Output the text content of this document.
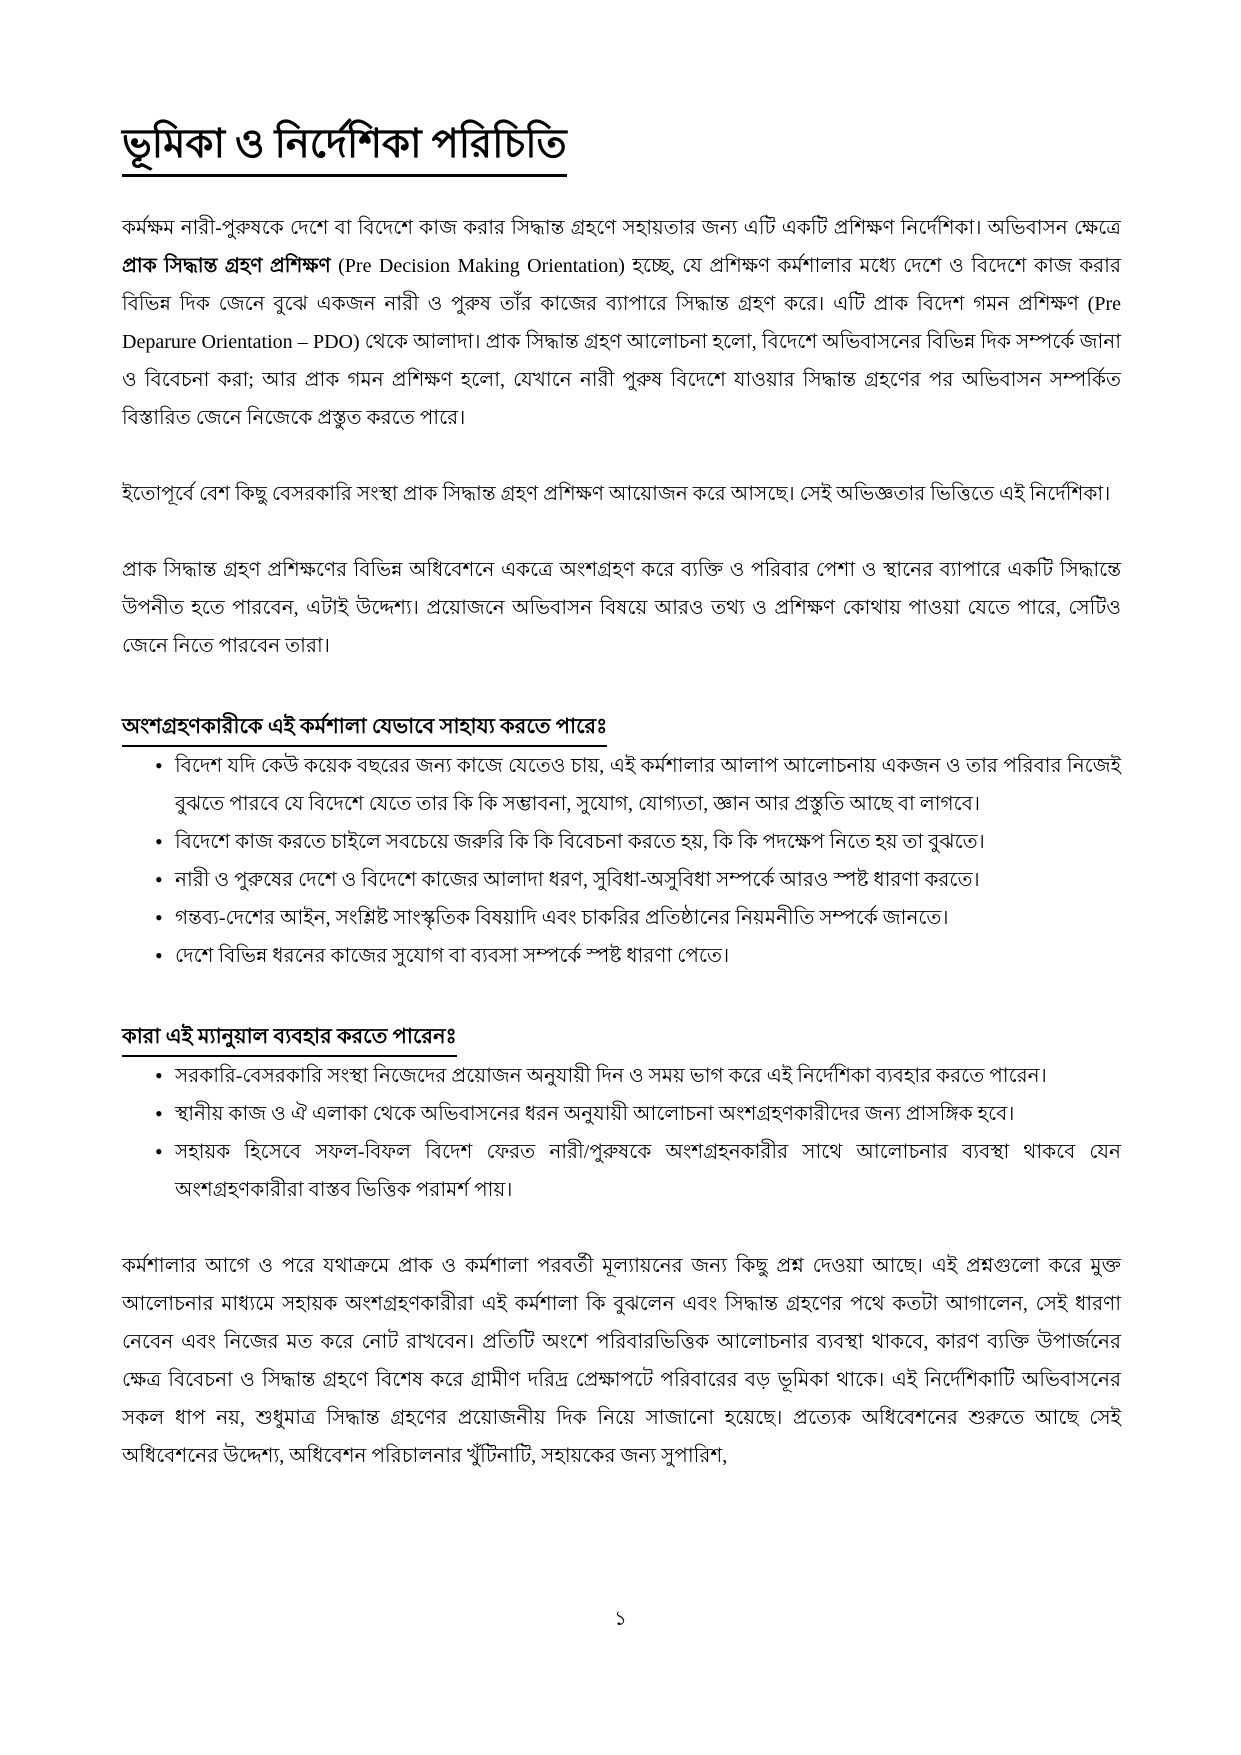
ভূমিকা ও নির্দেশিকা পরিচিতি

কর্মক্ষম নারী-পুরুষকে দেশে বা বিদেশে কাজ করার সিদ্ধান্ত গ্রহণে সহায়তার জন্য এটি একটি প্রশিক্ষণ নির্দেশিকা। অভিবাসন ক্ষেত্রে প্রাক সিদ্ধান্ত গ্রহণ প্রশিক্ষণ (Pre Decision Making Orientation) হচ্ছে, যে প্রশিক্ষণ কর্মশালার মধ্যে দেশে ও বিদেশে কাজ করার বিভিন্ন দিক জেনে বুঝে একজন নারী ও পুরুষ তাঁর কাজের ব্যাপারে সিদ্ধান্ত গ্রহণ করে। এটি প্রাক বিদেশ গমন প্রশিক্ষণ (Pre Deparure Orientation – PDO) থেকে আলাদা। প্রাক সিদ্ধান্ত গ্রহণ আলোচনা হলো, বিদেশে অভিবাসনের বিভিন্ন দিক সম্পর্কে জানা ও বিবেচনা করা; আর প্রাক গমন প্রশিক্ষণ হলো, যেখানে নারী পুরুষ বিদেশে যাওয়ার সিদ্ধান্ত গ্রহণের পর অভিবাসন সম্পর্কিত বিস্তারিত জেনে নিজেকে প্রস্তুত করতে পারে।

ইতোপূর্বে বেশ কিছু বেসরকারি সংস্থা প্রাক সিদ্ধান্ত গ্রহণ প্রশিক্ষণ আয়োজন করে আসছে। সেই অভিজ্ঞতার ভিত্তিতে এই নির্দেশিকা।

প্রাক সিদ্ধান্ত গ্রহণ প্রশিক্ষণের বিভিন্ন অধিবেশনে একত্রে অংশগ্রহণ করে ব্যক্তি ও পরিবার পেশা ও স্থানের ব্যাপারে একটি সিদ্ধান্তে উপনীত হতে পারবেন, এটাই উদ্দেশ্য। প্রয়োজনে অভিবাসন বিষয়ে আরও তথ্য ও প্রশিক্ষণ কোথায় পাওয়া যেতে পারে, সেটিও জেনে নিতে পারবেন তারা।

অংশগ্রহণকারীকে এই কর্মশালা যেভাবে সাহায্য করতে পারেঃ
• বিদেশ যদি কেউ কয়েক বছরের জন্য কাজে যেতেও চায়, এই কর্মশালার আলাপ আলোচনায় একজন ও তার পরিবার নিজেই বুঝতে পারবে যে বিদেশে যেতে তার কি কি সম্ভাবনা, সুযোগ, যোগ্যতা, জ্ঞান আর প্রস্তুতি আছে বা লাগবে।
• বিদেশে কাজ করতে চাইলে সবচেয়ে জরুরি কি কি বিবেচনা করতে হয়, কি কি পদক্ষেপ নিতে হয় তা বুঝতে।
• নারী ও পুরুষের দেশে ও বিদেশে কাজের আলাদা ধরণ, সুবিধা-অসুবিধা সম্পর্কে আরও স্পষ্ট ধারণা করতে।
• গন্তব্য-দেশের আইন, সংশ্লিষ্ট সাংস্কৃতিক বিষয়াদি এবং চাকরির প্রতিষ্ঠানের নিয়মনীতি সম্পর্কে জানতে।
• দেশে বিভিন্ন ধরনের কাজের সুযোগ বা ব্যবসা সম্পর্কে স্পষ্ট ধারণা পেতে।
কারা এই ম্যানুয়াল ব্যবহার করতে পারেনঃ
• সরকারি-বেসরকারি সংস্থা নিজেদের প্রয়োজন অনুযায়ী দিন ও সময় ভাগ করে এই নির্দেশিকা ব্যবহার করতে পারেন।
• স্থানীয় কাজ ও ঐ এলাকা থেকে অভিবাসনের ধরন অনুযায়ী আলোচনা অংশগ্রহণকারীদের জন্য প্রাসঙ্গিক হবে।
• সহায়ক হিসেবে সফল-বিফল বিদেশ ফেরত নারী/পুরুষকে অংশগ্রহনকারীর সাথে আলোচনার ব্যবস্থা থাকবে যেন অংশগ্রহণকারীরা বাস্তব ভিত্তিক পরামর্শ পায়।

কর্মশালার আগে ও পরে যথাক্রমে প্রাক ও কর্মশালা পরবর্তী মূল্যায়নের জন্য কিছু প্রশ্ন দেওয়া আছে। এই প্রশ্নগুলো করে মুক্ত আলোচনার মাধ্যমে সহায়ক অংশগ্রহণকারীরা এই কর্মশালা কি বুঝলেন এবং সিদ্ধান্ত গ্রহণের পথে কতটা আগালেন, সেই ধারণা নেবেন এবং নিজের মত করে নোট রাখবেন। প্রতিটি অংশে পরিবারভিত্তিক আলোচনার ব্যবস্থা থাকবে, কারণ ব্যক্তি উপার্জনের ক্ষেত্র বিবেচনা ও সিদ্ধান্ত গ্রহণে বিশেষ করে গ্রামীণ দরিদ্র প্রেক্ষাপটে পরিবারের বড় ভূমিকা থাকে। এই নির্দেশিকাটি অভিবাসনের সকল ধাপ নয়, শুধুমাত্র সিদ্ধান্ত গ্রহণের প্রয়োজনীয় দিক নিয়ে সাজানো হয়েছে। প্রত্যেক অধিবেশনের শুরুতে আছে সেই অধিবেশনের উদ্দেশ্য, অধিবেশন পরিচালনার খুঁটিনাটি, সহায়কের জন্য সুপারিশ,

১
